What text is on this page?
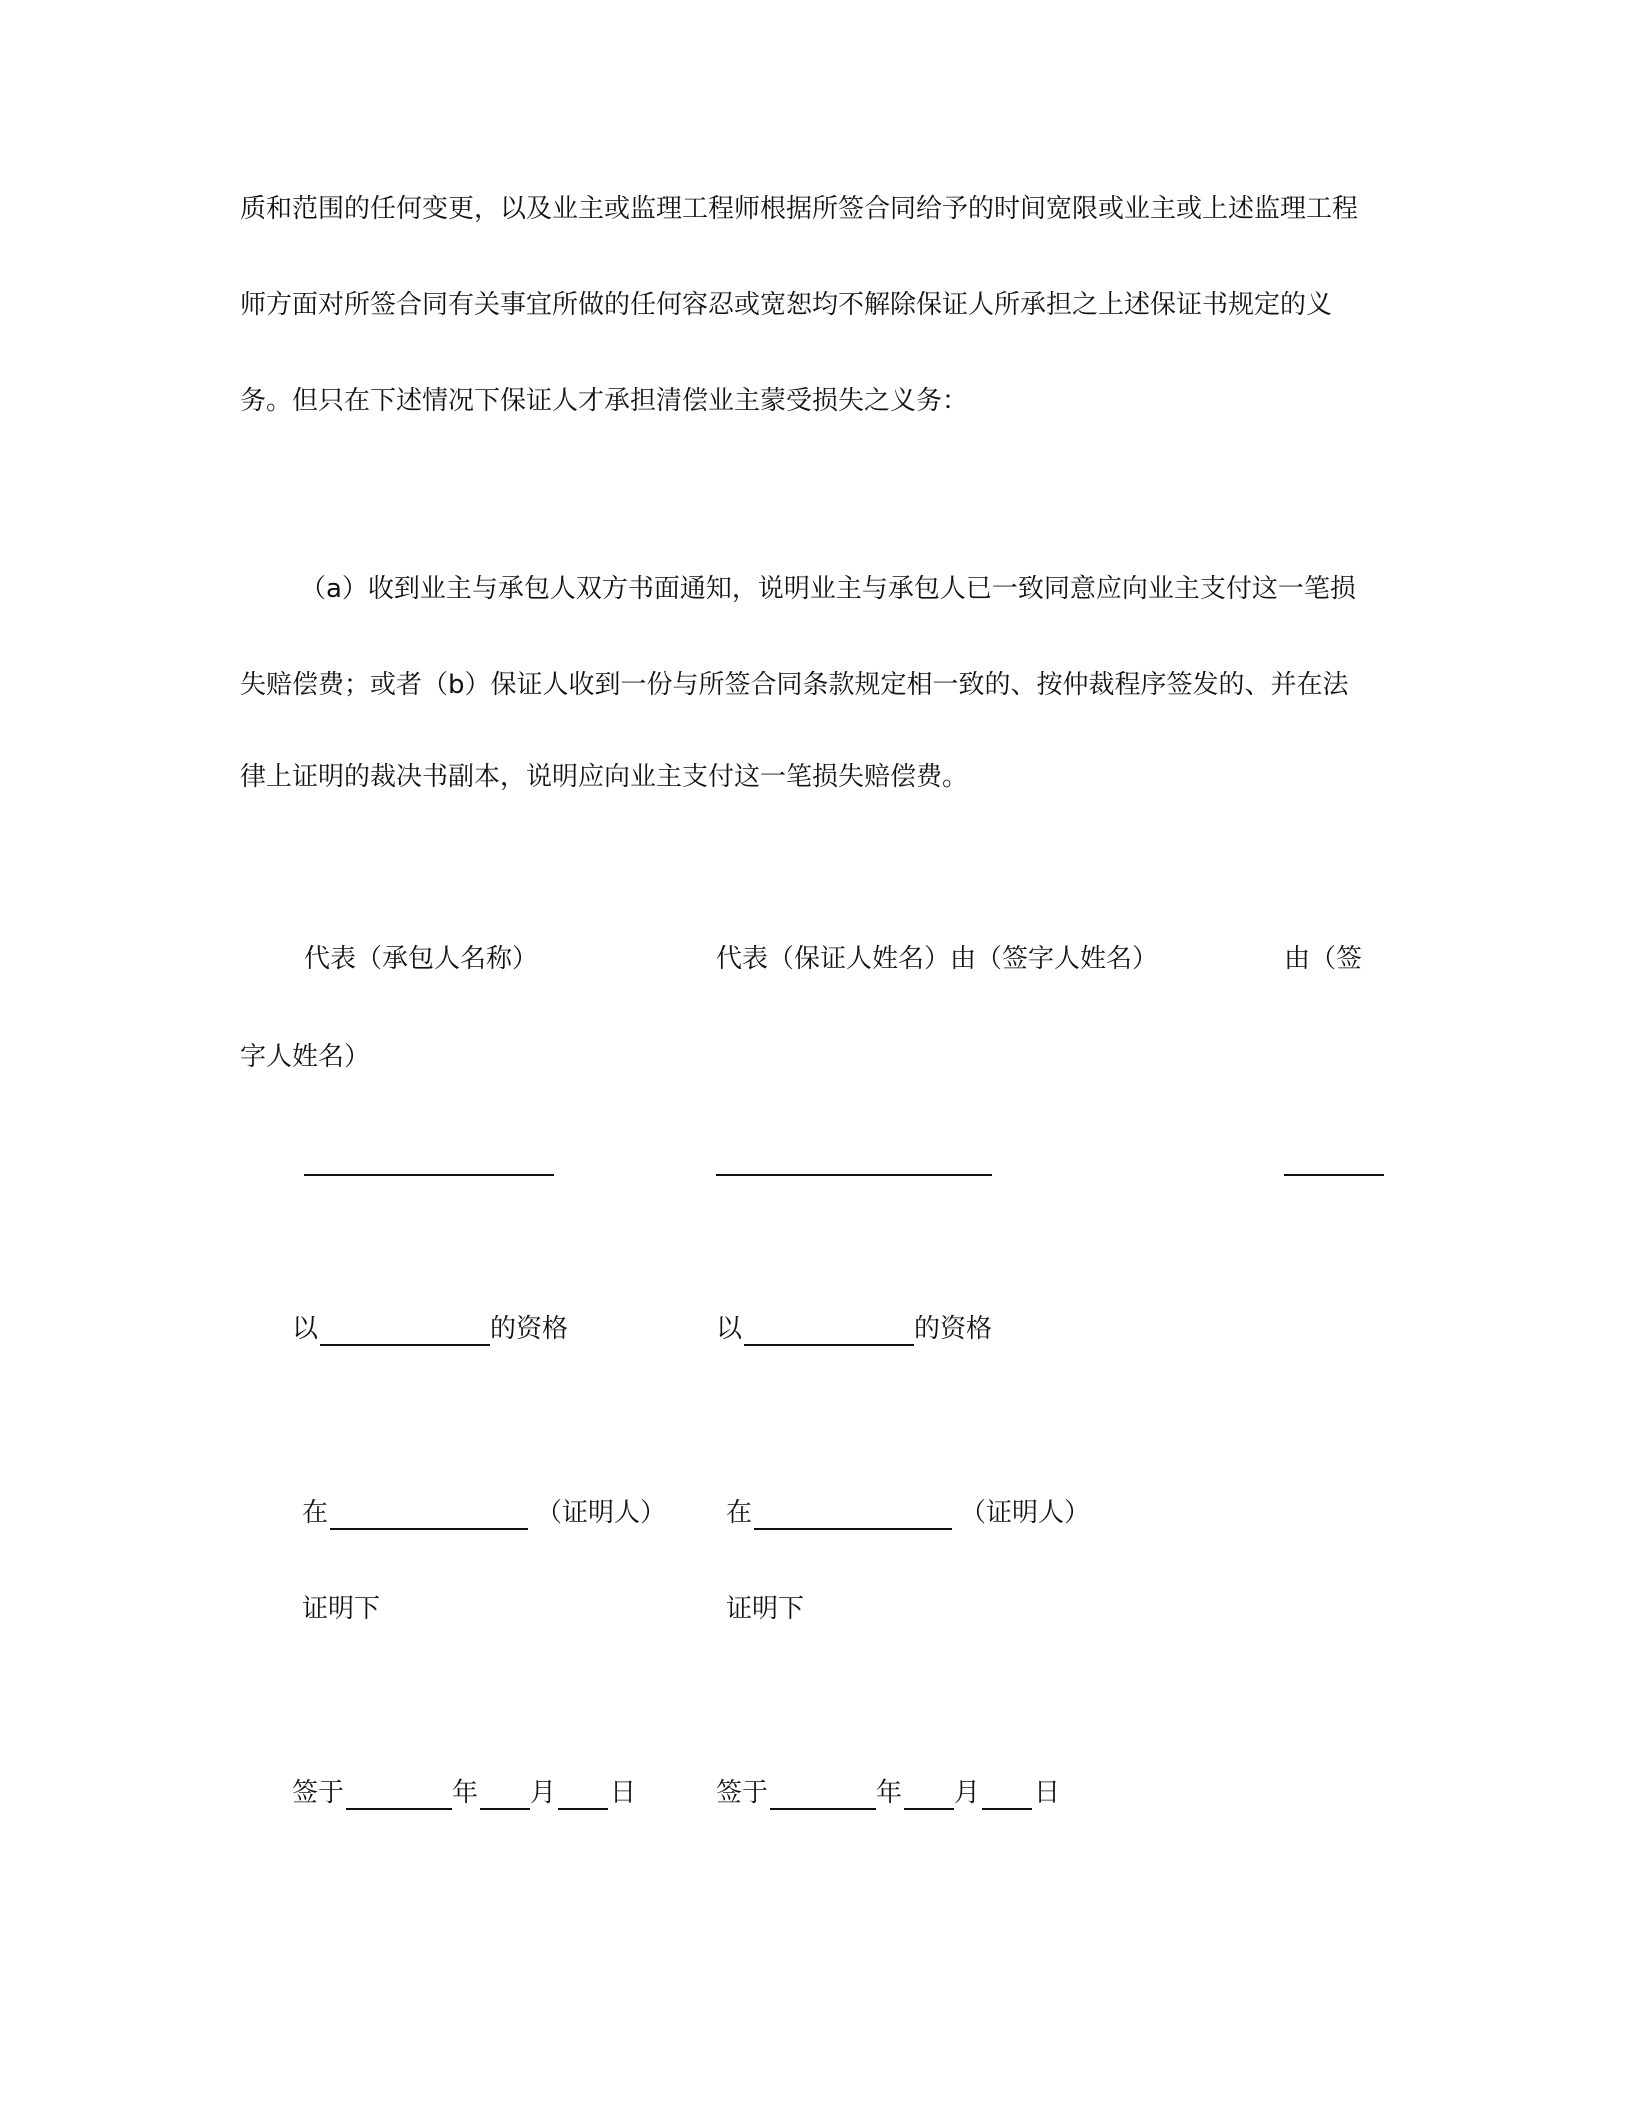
质和范围的任何变更，以及业主或监理工程师根据所签合同给予的时间宽限或业主或上述监理工程
师方面对所签合同有关事宜所做的任何容忍或宽恕均不解除保证人所承担之上述保证书规定的义
务。但只在下述情况下保证人才承担清偿业主蒙受损失之义务：
（a）收到业主与承包人双方书面通知，说明业主与承包人已一致同意应向业主支付这一笔损
失赔偿费；或者（b）保证人收到一份与所签合同条款规定相一致的、按仲裁程序签发的、并在法
律上证明的裁决书副本，说明应向业主支付这一笔损失赔偿费。
代表（承包人名称）	代表（保证人姓名）由（签字人姓名）	由（签
字人姓名）
以	的资格	以	的资格
在	（证明人） 在	（证明人）
证明下	证明下
签于	年 月 日	签于	年 月 日
